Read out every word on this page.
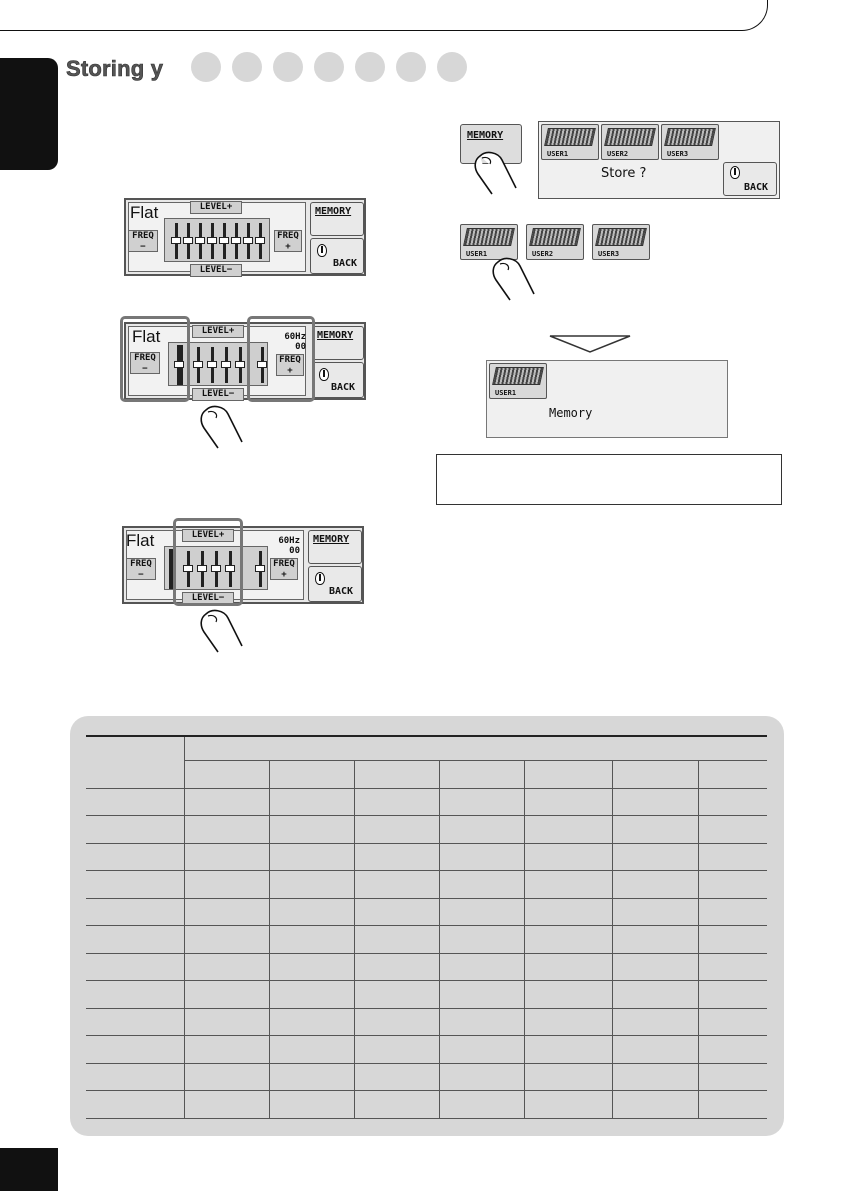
Storing y
Flat	LEVEL+
LEVEL−
FREQ −
FREQ +
MEMORY
BACK
Flat	LEVEL+
LEVEL−
FREQ −
FREQ +
60Hz
00
MEMORY
BACK
Flat	LEVEL+
LEVEL−
FREQ −
FREQ +
60Hz
00
MEMORY
BACK
MEMORY
USER1	USER2	USER3
Store ?
BACK
USER1	USER2	USER3
USER1
Memory
